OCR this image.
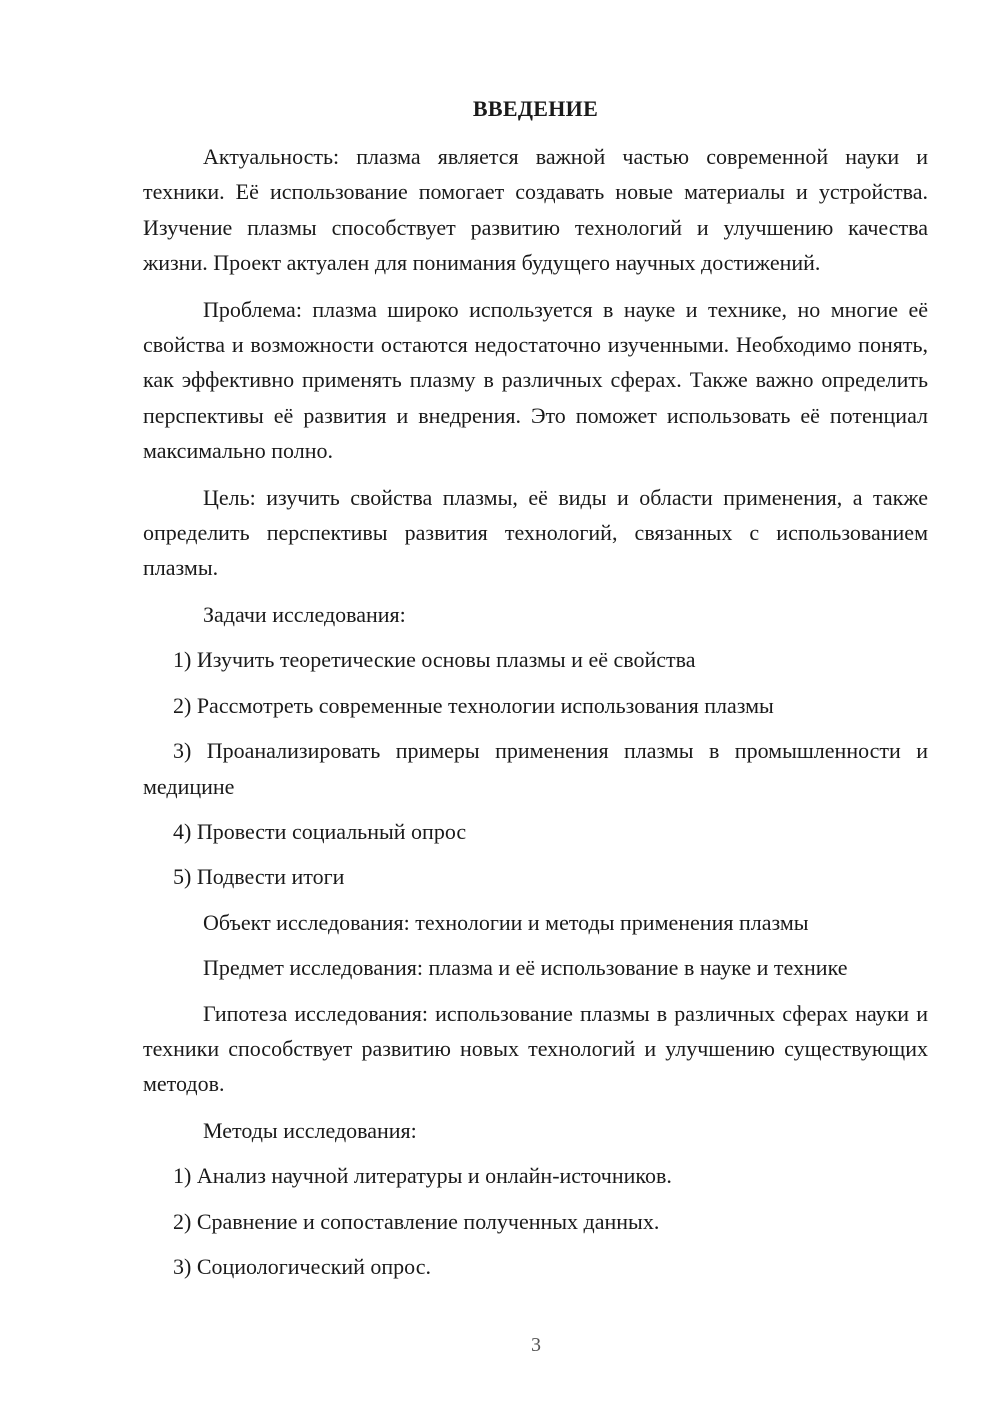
ВВЕДЕНИЕ

Актуальность: плазма является важной частью современной науки и техники. Её использование помогает создавать новые материалы и устройства. Изучение плазмы способствует развитию технологий и улучшению качества жизни. Проект актуален для понимания будущего научных достижений.

Проблема: плазма широко используется в науке и технике, но многие её свойства и возможности остаются недостаточно изученными. Необходимо понять, как эффективно применять плазму в различных сферах. Также важно определить перспективы её развития и внедрения. Это поможет использовать её потенциал максимально полно.

Цель: изучить свойства плазмы, её виды и области применения, а также определить перспективы развития технологий, связанных с использованием плазмы.

Задачи исследования:
1) Изучить теоретические основы плазмы и её свойства
2) Рассмотреть современные технологии использования плазмы

3) Проанализировать примеры применения плазмы в промышленности и медицине

4) Провести социальный опрос
5) Подвести итоги
Объект исследования: технологии и методы применения плазмы
Предмет исследования: плазма и её использование в науке и технике

Гипотеза исследования: использование плазмы в различных сферах науки и техники способствует развитию новых технологий и улучшению существующих методов.

Методы исследования:
1) Анализ научной литературы и онлайн-источников.
2) Сравнение и сопоставление полученных данных.
3) Социологический опрос.
3
